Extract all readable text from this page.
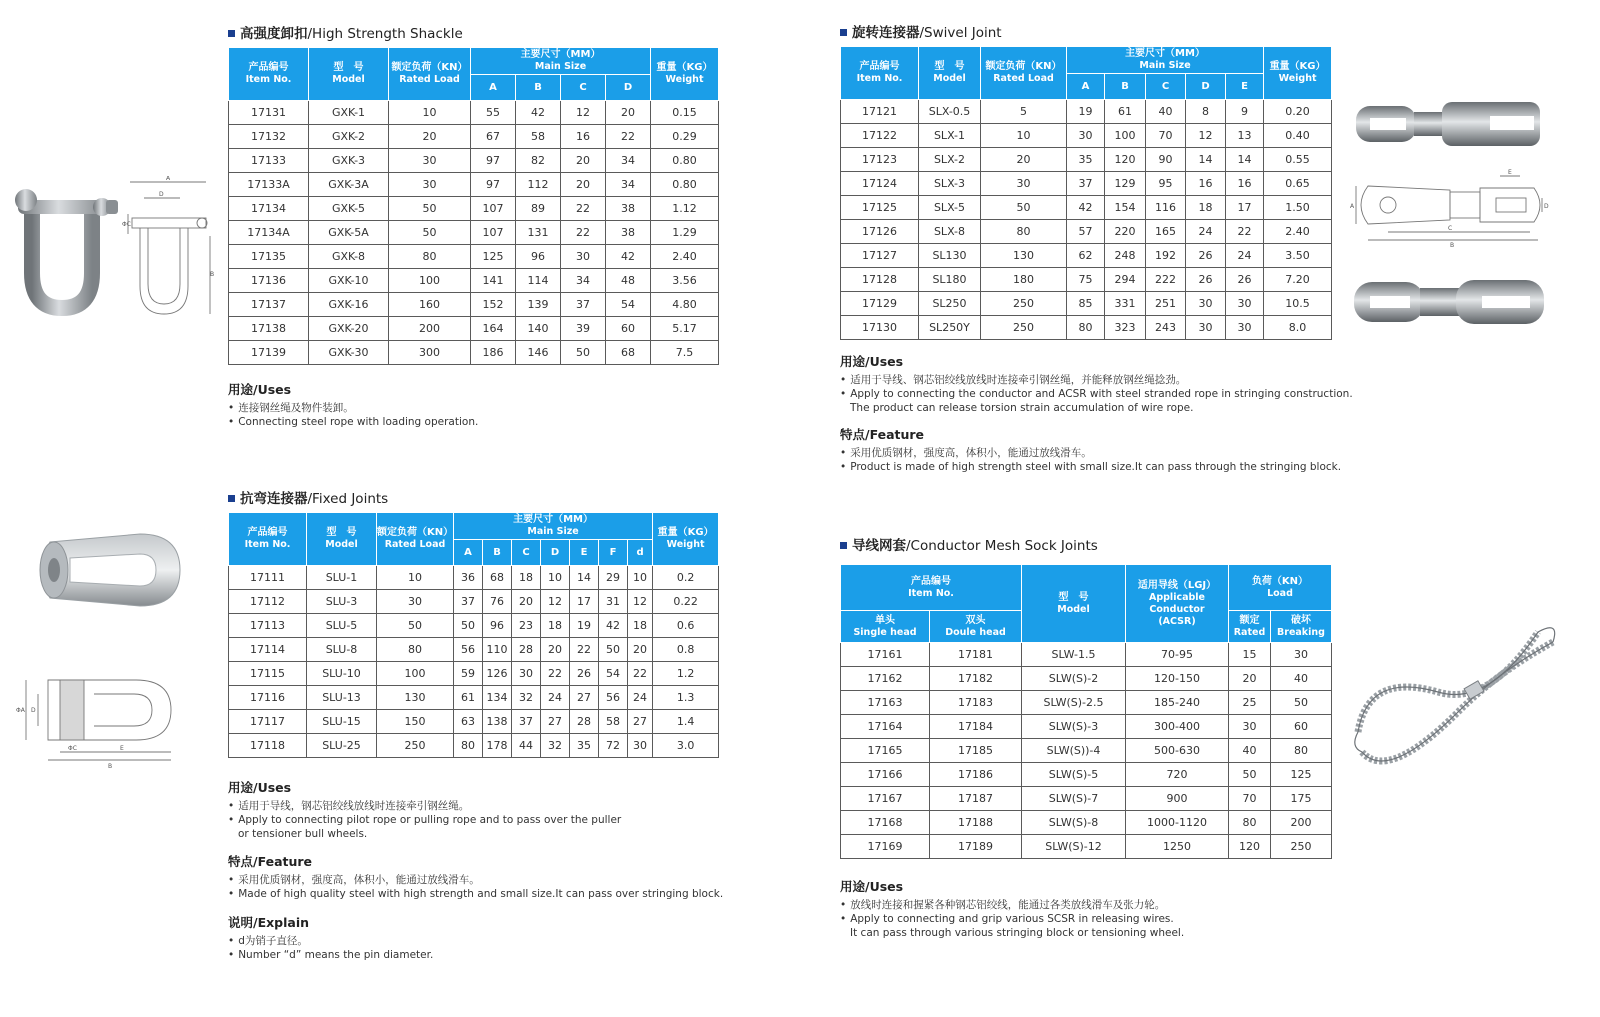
高强度卸扣/High Strength Shackle
产品编号
Item No.	型　号
Model	额定负荷（KN）
Rated Load	主要尺寸（MM）
Main Size				重量（KG）
Weight

			A	B	C	D	
17131	GXK-1	10	55	42	12	20	0.15
17132	GXK-2	20	67	58	16	22	0.29
17133	GXK-3	30	97	82	20	34	0.80
17133A	GXK-3A	30	97	112	20	34	0.80
17134	GXK-5	50	107	89	22	38	1.12
17134A	GXK-5A	50	107	131	22	38	1.29
17135	GXK-8	80	125	96	30	42	2.40
17136	GXK-10	100	141	114	34	48	3.56
17137	GXK-16	160	152	139	37	54	4.80
17138	GXK-20	200	164	140	39	60	5.17
17139	GXK-30	300	186	146	50	68	7.5
用途/Uses
• 连接钢丝绳及物件装卸。
• Connecting steel rope with loading operation.
A
B
D
ΦC
抗弯连接器/Fixed Joints
产品编号
Item No.	型　号
Model	额定负荷（KN）
Rated Load	主要尺寸（MM）
Main Size							重量（KG）
Weight

			A	B	C	D	E	F	d	
17111	SLU-1	10	36	68	18	10	14	29	10	0.2
17112	SLU-3	30	37	76	20	12	17	31	12	0.22
17113	SLU-5	50	50	96	23	18	19	42	18	0.6
17114	SLU-8	80	56	110	28	20	22	50	20	0.8
17115	SLU-10	100	59	126	30	22	26	54	22	1.2
17116	SLU-13	130	61	134	32	24	27	56	24	1.3
17117	SLU-15	150	63	138	37	27	28	58	27	1.4
17118	SLU-25	250	80	178	44	32	35	72	30	3.0
用途/Uses
• 适用于导线，钢芯铝绞线放线时连接牵引钢丝绳。
• Apply to connecting pilot rope or pulling rope and to pass over the puller
or tensioner bull wheels.
特点/Feature
• 采用优质钢材，强度高，体积小，能通过放线滑车。
• Made of high quality steel with high strength and small size.It can pass over stringing block.
说明/Explain
• d为销子直径。
• Number “d” means the pin diameter.
ΦA D
ΦC	E
B
旋转连接器/Swivel Joint
产品编号
Item No.	型　号
Model	额定负荷（KN）
Rated Load	主要尺寸（MM）
Main Size					重量（KG）
Weight

			A	B	C	D	E	
17121	SLX-0.5	5	19	61	40	8	9	0.20
17122	SLX-1	10	30	100	70	12	13	0.40
17123	SLX-2	20	35	120	90	14	14	0.55
17124	SLX-3	30	37	129	95	16	16	0.65
17125	SLX-5	50	42	154	116	18	17	1.50
17126	SLX-8	80	57	220	165	24	22	2.40
17127	SL130	130	62	248	192	26	24	3.50
17128	SL180	180	75	294	222	26	26	7.20
17129	SL250	250	85	331	251	30	30	10.5
17130	SL250Y	250	80	323	243	30	30	8.0
用途/Uses
• 适用于导线、钢芯铝绞线放线时连接牵引钢丝绳，并能释放钢丝绳捻劲。
• Apply to connecting the conductor and ACSR with steel stranded rope in stringing construction.
The product can release torsion strain accumulation of wire rope.
特点/Feature
• 采用优质钢材，强度高，体积小，能通过放线滑车。
• Product is made of high strength steel with small size.It can pass through the stringing block.
A
B
C
D
E
导线网套/Conductor Mesh Sock Joints
产品编号
Item No.		型　号
Model	适用导线（LGJ）
Applicable
Conductor
(ACSR)	负荷（KN）
Load	

单头
Single head	双头
Doule head			额定
Rated	破坏
Breaking

17161	17181	SLW-1.5	70-95	15	30
17162	17182	SLW(S)-2	120-150	20	40
17163	17183	SLW(S)-2.5	185-240	25	50
17164	17184	SLW(S)-3	300-400	30	60
17165	17185	SLW(S))-4	500-630	40	80
17166	17186	SLW(S)-5	720	50	125
17167	17187	SLW(S)-7	900	70	175
17168	17188	SLW(S)-8	1000-1120	80	200
17169	17189	SLW(S)-12	1250	120	250
用途/Uses
• 放线时连接和握紧各种钢芯铝绞线，能通过各类放线滑车及张力轮。
• Apply to connecting and grip various SCSR in releasing wires.
It can pass through various stringing block or tensioning wheel.
